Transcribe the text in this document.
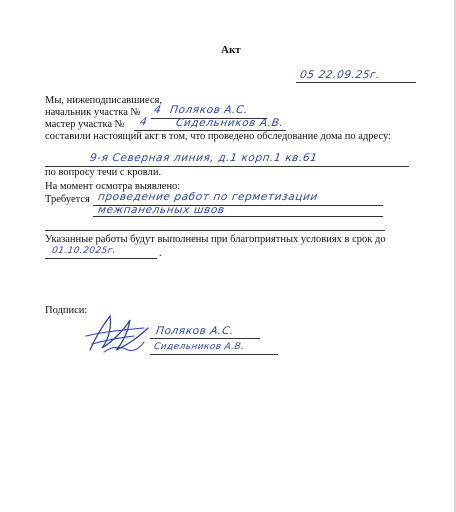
Акт
05 22.09.25г.
Мы, нижеподписавшиеся,
начальник участка № 4 Поляков А.С.
мастер участка № 4	Сидельников А.В.
составили настоящий акт в том, что проведено обследование дома по адресу:
9-я Северная линия, д.1 корп.1 кв.61
по вопросу течи с кровли.
На момент осмотра выявлено:
Требуется проведение работ по герметизации
межпанельных швов
Указанные работы будут выполнены при благоприятных условиях в срок до
01.10.2025г.	.
Подписи:
Поляков А.С.
Сидельников А.В.
